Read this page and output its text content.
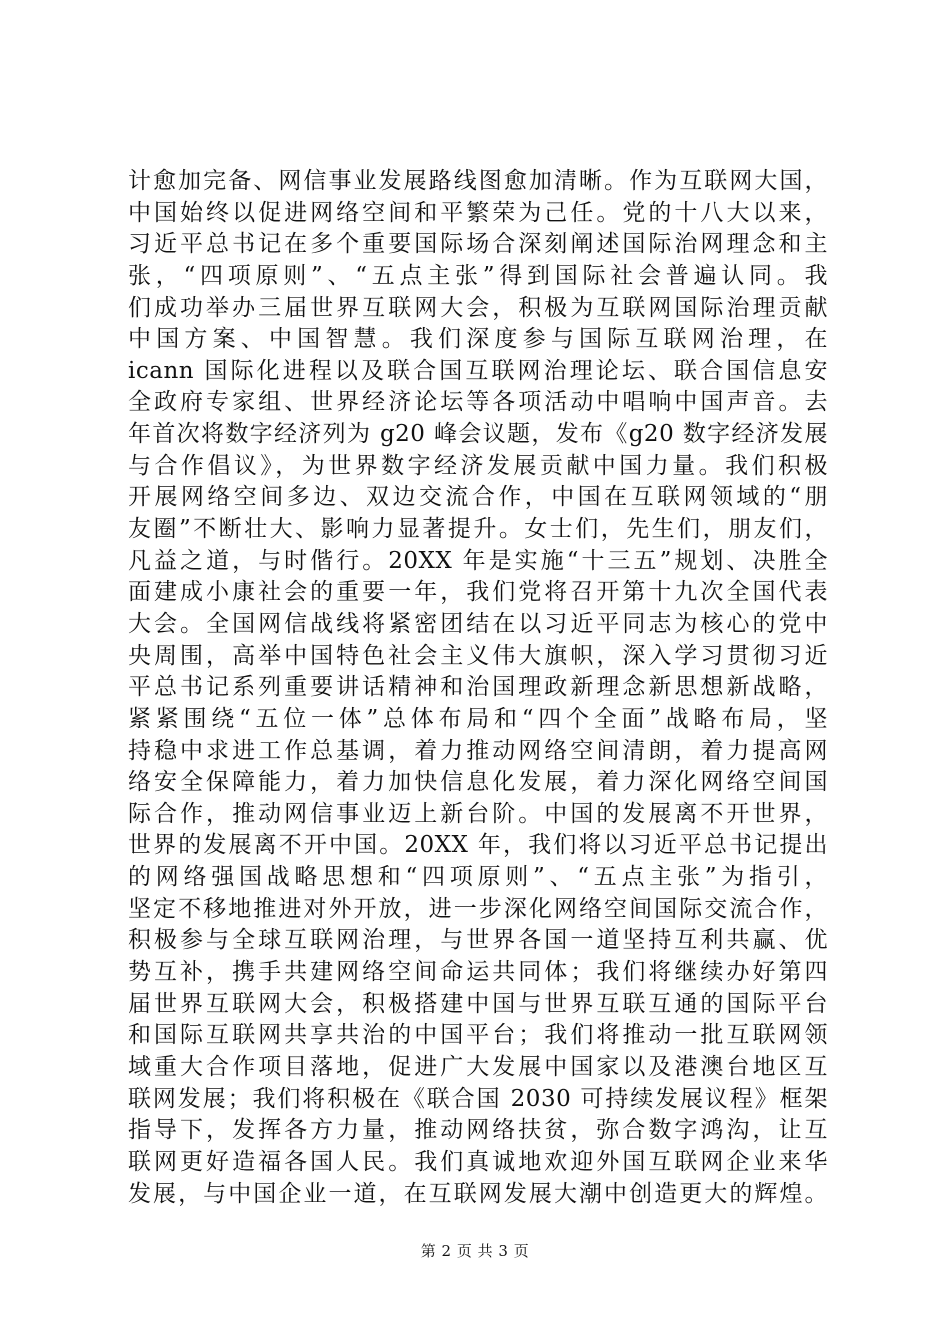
计愈加完备、网信事业发展路线图愈加清晰。作为互联网大国，
中国始终以促进网络空间和平繁荣为己任。党的十八大以来，
习近平总书记在多个重要国际场合深刻阐述国际治网理念和主
张，“四项原则”、“五点主张”得到国际社会普遍认同。我
们成功举办三届世界互联网大会，积极为互联网国际治理贡献
中国方案、中国智慧。我们深度参与国际互联网治理，在
icann 国际化进程以及联合国互联网治理论坛、联合国信息安
全政府专家组、世界经济论坛等各项活动中唱响中国声音。去
年首次将数字经济列为 g20 峰会议题，发布《g20 数字经济发展
与合作倡议》，为世界数字经济发展贡献中国力量。我们积极
开展网络空间多边、双边交流合作，中国在互联网领域的“朋
友圈”不断壮大、影响力显著提升。女士们，先生们，朋友们，
凡益之道，与时偕行。20XX 年是实施“十三五”规划、决胜全
面建成小康社会的重要一年，我们党将召开第十九次全国代表
大会。全国网信战线将紧密团结在以习近平同志为核心的党中
央周围，高举中国特色社会主义伟大旗帜，深入学习贯彻习近
平总书记系列重要讲话精神和治国理政新理念新思想新战略，
紧紧围绕“五位一体”总体布局和“四个全面”战略布局，坚
持稳中求进工作总基调，着力推动网络空间清朗，着力提高网
络安全保障能力，着力加快信息化发展，着力深化网络空间国
际合作，推动网信事业迈上新台阶。中国的发展离不开世界，
世界的发展离不开中国。20XX 年，我们将以习近平总书记提出
的网络强国战略思想和“四项原则”、“五点主张”为指引，
坚定不移地推进对外开放，进一步深化网络空间国际交流合作，
积极参与全球互联网治理，与世界各国一道坚持互利共赢、优
势互补，携手共建网络空间命运共同体；我们将继续办好第四
届世界互联网大会，积极搭建中国与世界互联互通的国际平台
和国际互联网共享共治的中国平台；我们将推动一批互联网领
域重大合作项目落地，促进广大发展中国家以及港澳台地区互
联网发展；我们将积极在《联合国 2030 可持续发展议程》框架
指导下，发挥各方力量，推动网络扶贫，弥合数字鸿沟，让互
联网更好造福各国人民。我们真诚地欢迎外国互联网企业来华
发展，与中国企业一道，在互联网发展大潮中创造更大的辉煌。
第 2 页 共 3 页
